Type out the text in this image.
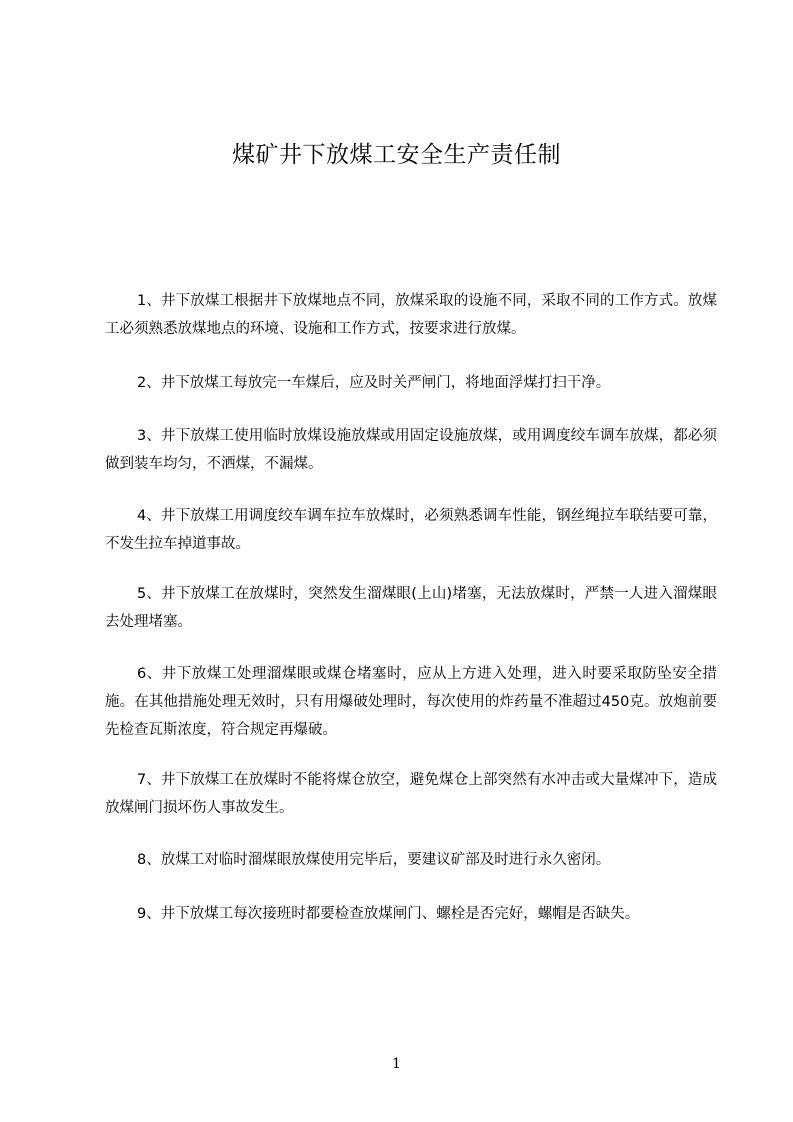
煤矿井下放煤工安全生产责任制

1、井下放煤工根据井下放煤地点不同，放煤采取的设施不同，采取不同的工作方式。放煤工必须熟悉放煤地点的环境、设施和工作方式，按要求进行放煤。

2、井下放煤工每放完一车煤后，应及时关严闸门，将地面浮煤打扫干净。

3、井下放煤工使用临时放煤设施放煤或用固定设施放煤，或用调度绞车调车放煤，都必须做到装车均匀，不洒煤，不漏煤。

4、井下放煤工用调度绞车调车拉车放煤时，必须熟悉调车性能，钢丝绳拉车联结要可靠，不发生拉车掉道事故。

5、井下放煤工在放煤时，突然发生溜煤眼(上山)堵塞，无法放煤时，严禁一人进入溜煤眼去处理堵塞。

6、井下放煤工处理溜煤眼或煤仓堵塞时，应从上方进入处理，进入时要采取防坠安全措施。在其他措施处理无效时，只有用爆破处理时，每次使用的炸药量不准超过450克。放炮前要先检查瓦斯浓度，符合规定再爆破。

7、井下放煤工在放煤时不能将煤仓放空，避免煤仓上部突然有水冲击或大量煤冲下，造成放煤闸门损坏伤人事故发生。

8、放煤工对临时溜煤眼放煤使用完毕后，要建议矿部及时进行永久密闭。

9、井下放煤工每次接班时都要检查放煤闸门、螺栓是否完好，螺帽是否缺失。

1
